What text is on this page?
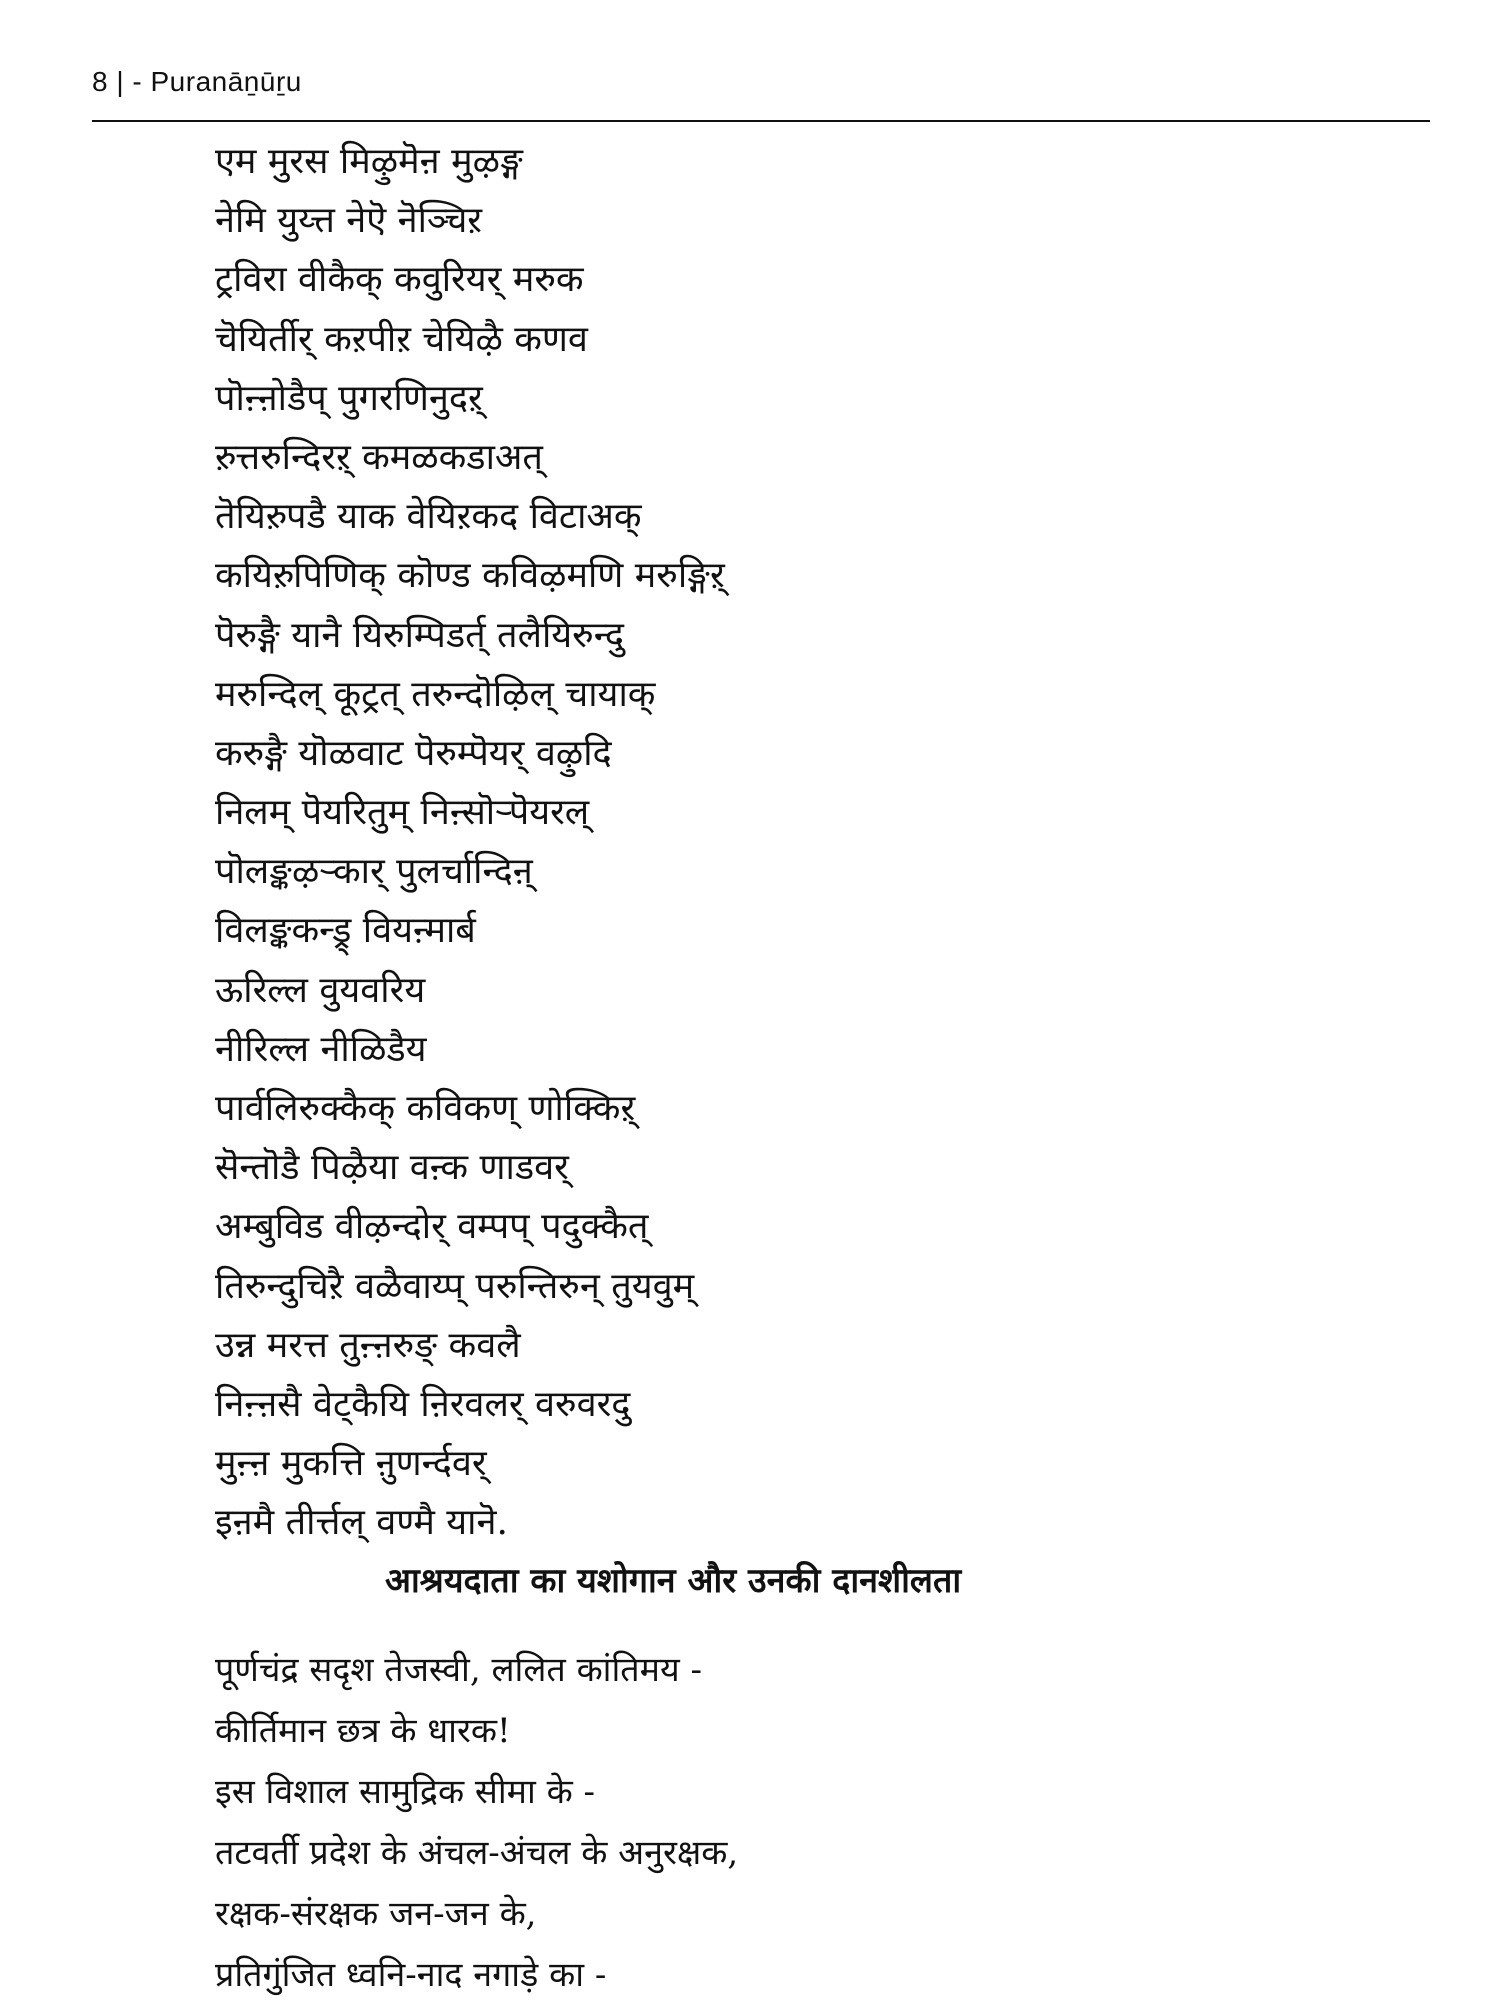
8 | - Puranāṉūṟu
एम मुरस मिऴुमॆऩ मुऴङ्ग
नेमि युय्त्त नेऎ नॆञ्चिऱ
ट्रविरा वीकैक् कवुरियर् मरुक
चॆयिर्तीर् कऱपीऱ चेयिऴै कणव
पॊऩ्ऩोडैप् पुगरणिनुदऱ्
ऱुत्तरुन्दिरऱ् कमळकडाअत्
तॆयिऱुपडै याक वेयिऱकद विटाअक्
कयिऱुपिणिक् कॊण्ड कविऴमणि मरुङ्गिऱ्
पॆरुङ्गै यानै यिरुम्पिडर्त् तलैयिरुन्दु
मरुन्दिल् कूट्रत् तरुन्दॊऴिल् चायाक्
करुङ्गै यॊळवाट पॆरुम्पॆयर् वऴुदि
निलम् पॆयरितुम् निऩ्सॊऱ्पॆयरल्
पॊलङ्कऴऱ्कार् पुलर्चान्दिऩ्
विलङ्ककन्ड्र् वियऩ्मार्ब
ऊरिल्ल वुयवरिय
नीरिल्ल नीळिडैय
पार्वलिरुक्कैक् कविकण् णोक्किऱ्
सॆन्तॊडै पिऴैया वऩ्क णाडवर्
अम्बुविड वीऴन्दोर् वम्पप् पदुक्कैत्
तिरुन्दुचिऱै वळैवाय्प् परुन्तिरुन् तुयवुम्
उन्न मरत्त तुऩ्ऩरुङ् कवलै
निऩ्ऩसै वेट्कैयि ऩिरवलर् वरुवरदु
मुऩ्ऩ मुकत्ति ऩुणर्न्दवर्
इऩमै तीर्त्तल् वण्मै यानॆ.
आश्रयदाता का यशोगान और उनकी दानशीलता
पूर्णचंद्र सदृश तेजस्वी, ललित कांतिमय -
कीर्तिमान छत्र के धारक!
इस विशाल सामुद्रिक सीमा के -
तटवर्ती प्रदेश के अंचल-अंचल के अनुरक्षक,
रक्षक-संरक्षक जन-जन के,
प्रतिगुंजित ध्वनि-नाद नगाड़े का -
